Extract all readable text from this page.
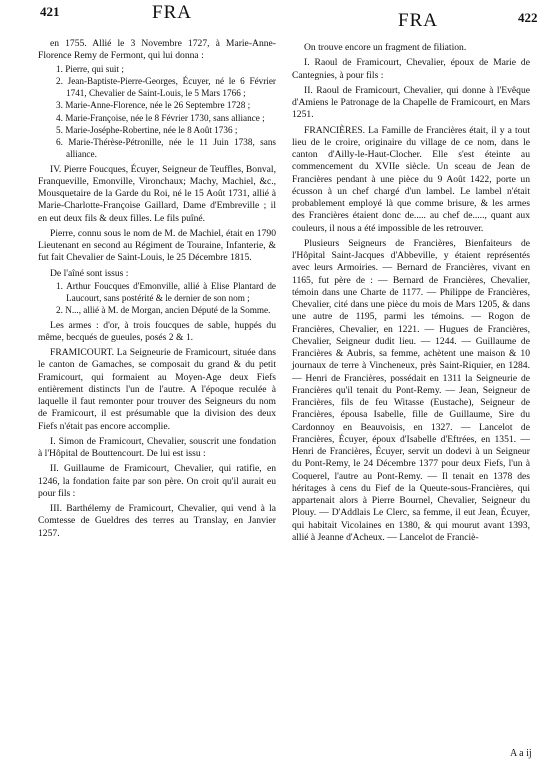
421	FRA	FRA	422

en 1755. Allié le 3 Novembre 1727, à Marie-Anne-Florence Remy de Fermont, qui lui donna :

1. Pierre, qui suit ;
2. Jean-Baptiste-Pierre-Georges, Écuyer, né le 6 Février 1741, Chevalier de Saint-Louis, le 5 Mars 1766 ;
3. Marie-Anne-Florence, née le 26 Septembre 1728 ;
4. Marie-Françoise, née le 8 Février 1730, sans alliance ;
5. Marie-Joséphe-Robertine, née le 8 Août 1736 ;
6. Marie-Thérèse-Pétronille, née le 11 Juin 1738, sans alliance.

IV. Pierre Foucques, Écuyer, Seigneur de Teuffles, Bonval, Franqueville, Emonville, Vironchaux; Machy, Machiel, &c., Mousquetaire de la Garde du Roi, né le 15 Août 1731, allié à Marie-Charlotte-Françoise Gaillard, Dame d'Embreville ; il en eut deux fils & deux filles. Le fils puîné.

Pierre, connu sous le nom de M. de Machiel, était en 1790 Lieutenant en second au Régiment de Touraine, Infanterie, & fut fait Chevalier de Saint-Louis, le 25 Décembre 1815.

De l'aîné sont issus :

1. Arthur Foucques d'Emonville, allié à Elise Plantard de Laucourt, sans postérité & le dernier de son nom ;
2. N..., allié à M. de Morgan, ancien Député de la Somme.

Les armes : d'or, à trois foucques de sable, huppés du même, becqués de gueules, posés 2 & 1.

FRAMICOURT. La Seigneurie de Framicourt, située dans le canton de Gamaches, se composait du grand & du petit Framicourt, qui formaient au Moyen-Age deux Fiefs entièrement distincts l'un de l'autre. A l'époque reculée à laquelle il faut remonter pour trouver des Seigneurs du nom de Framicourt, il est présumable que la division des deux Fiefs n'était pas encore accomplie.

I. Simon de Framicourt, Chevalier, souscrit une fondation à l'Hôpital de Bouttencourt. De lui est issu :

II. Guillaume de Framicourt, Chevalier, qui ratifie, en 1246, la fondation faite par son père. On croit qu'il aurait eu pour fils :

III. Barthélemy de Framicourt, Chevalier, qui vend à la Comtesse de Gueldres des terres au Translay, en Janvier 1257.

On trouve encore un fragment de filiation.

I. Raoul de Framicourt, Chevalier, époux de Marie de Cantegnies, à pour fils :

II. Raoul de Framicourt, Chevalier, qui donne à l'Evêque d'Amiens le Patronage de la Chapelle de Framicourt, en Mars 1251.

FRANCIÈRES. La Famille de Francières était, il y a tout lieu de le croire, originaire du village de ce nom, dans le canton d'Ailly-le-Haut-Clocher. Elle s'est éteinte au commencement du XVIIe siècle. Un sceau de Jean de Francières pendant à une pièce du 9 Août 1422, porte un écusson à un chef chargé d'un lambel. Le lambel n'était probablement employé là que comme brisure, & les armes des Francières étaient donc de..... au chef de....., quant aux couleurs, il nous a été impossible de les retrouver.

Plusieurs Seigneurs de Francières, Bienfaiteurs de l'Hôpital Saint-Jacques d'Abbeville, y étaient représentés avec leurs Armoiries. — Bernard de Francières, vivant en 1165, fut père de : — Bernard de Francières, Chevalier, témoin dans une Charte de 1177. — Philippe de Francières, Chevalier, cité dans une pièce du mois de Mars 1205, & dans une autre de 1195, parmi les témoins. — Rogon de Francières, Chevalier, en 1221. — Hugues de Francières, Chevalier, Seigneur dudit lieu. — 1244. — Guillaume de Francières & Aubris, sa femme, achètent une maison & 10 journaux de terre à Vincheneux, près Saint-Riquier, en 1284. — Henri de Francières, possédait en 1311 la Seigneurie de Francières qu'il tenait du Pont-Remy. — Jean, Seigneur de Francières, fils de feu Witasse (Eustache), Seigneur de Francières, épousa Isabelle, fille de Guillaume, Sire du Cardonnoy en Beauvoisis, en 1327. — Lancelot de Francières, Écuyer, époux d'Isabelle d'Eftrées, en 1351. — Henri de Francières, Écuyer, servit un dodevi à un Seigneur du Pont-Remy, le 24 Décembre 1377 pour deux Fiefs, l'un à Coquerel, l'autre au Pont-Remy. — Il tenait en 1378 des héritages à cens du Fief de la Queute-sous-Francières, qui appartenait alors à Pierre Bournel, Chevalier, Seigneur du Plouy. — D'Addlais Le Clerc, sa femme, il eut Jean, Écuyer, qui habitait Vicolaines en 1380, & qui mourut avant 1393, allié à Jeanne d'Acheux. — Lancelot de Franciè-

A a ij
